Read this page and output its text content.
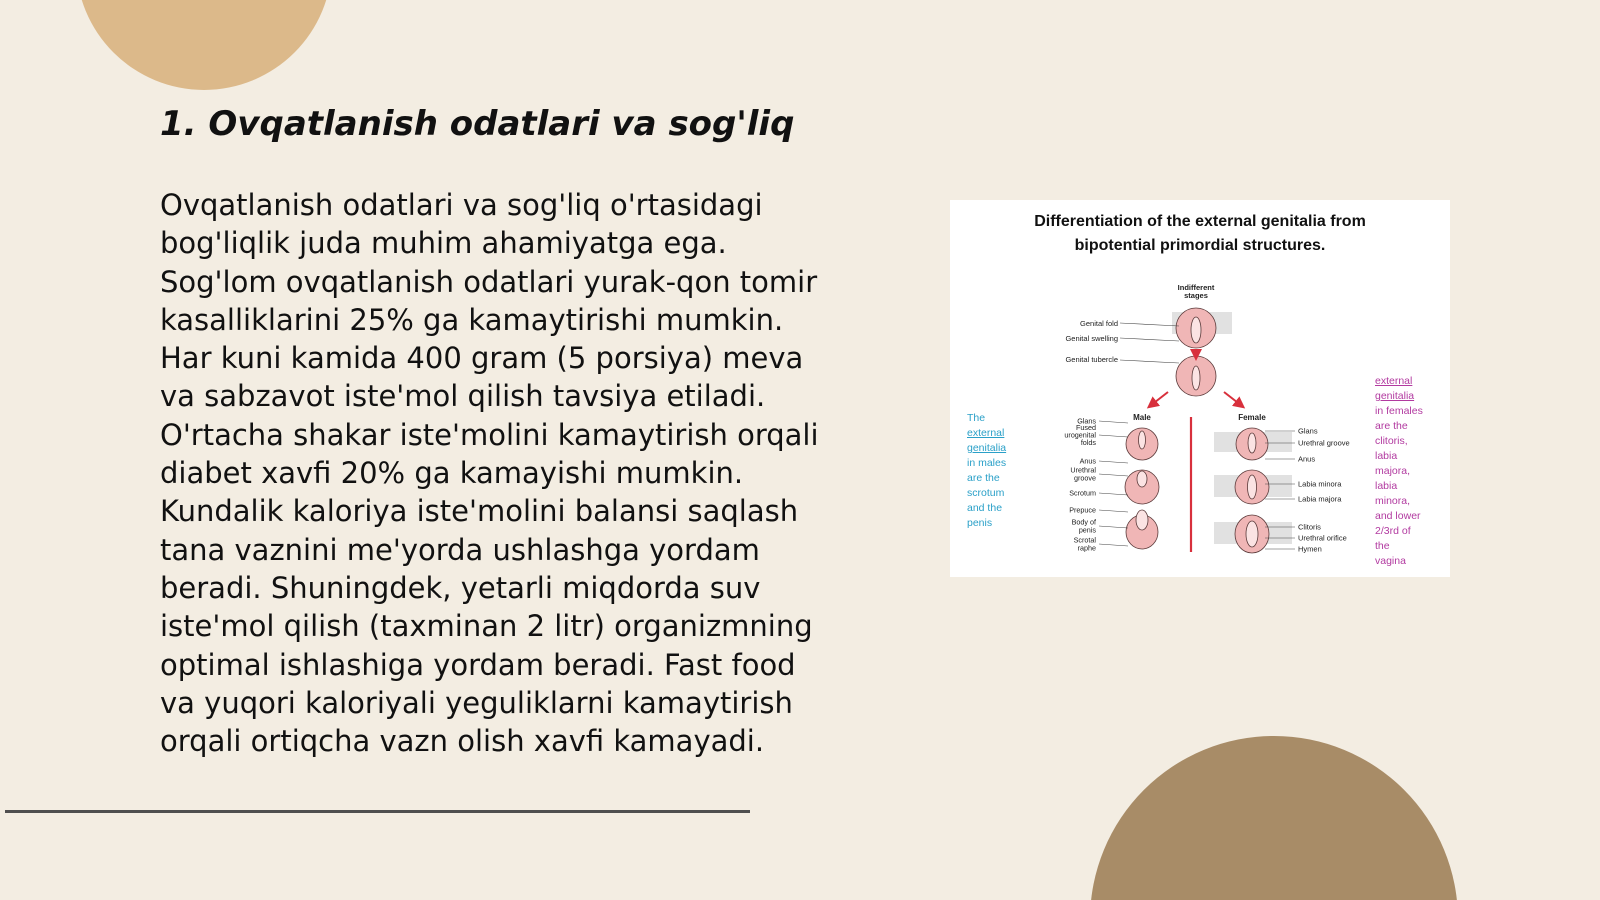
1. Ovqatlanish odatlari va sog'liq
Ovqatlanish odatlari va sog'liq o'rtasidagi
bog'liqlik juda muhim ahamiyatga ega.
Sog'lom ovqatlanish odatlari yurak-qon tomir
kasalliklarini 25% ga kamaytirishi mumkin.
Har kuni kamida 400 gram (5 porsiya) meva
va sabzavot iste'mol qilish tavsiya etiladi.
O'rtacha shakar iste'molini kamaytirish orqali
diabet xavfi 20% ga kamayishi mumkin.
Kundalik kaloriya iste'molini balansi saqlash
tana vaznini me'yorda ushlashga yordam
beradi. Shuningdek, yetarli miqdorda suv
iste'mol qilish (taxminan 2 litr) organizmning
optimal ishlashiga yordam beradi. Fast food
va yuqori kaloriyali yeguliklarni kamaytirish
orqali ortiqcha vazn olish xavfi kamayadi.
Differentiation of the external genitalia from
bipotential primordial structures.
Indifferent
stages
Genital fold
Genital swelling
Genital tubercle
Male	Female
Glans
Fused
urogenital
folds
Anus
Urethral
groove
Scrotum
Prepuce
Body of
penis
Scrotal
raphe
Glans
Urethral groove
Anus
Labia minora
Labia majora
Clitoris
Urethral orifice
Hymen
The
external
genitalia
in males
are the
scrotum
and the
penis
external
genitalia
in females
are the
clitoris,
labia
majora,
labia
minora,
and lower
2/3rd of
the
vagina
